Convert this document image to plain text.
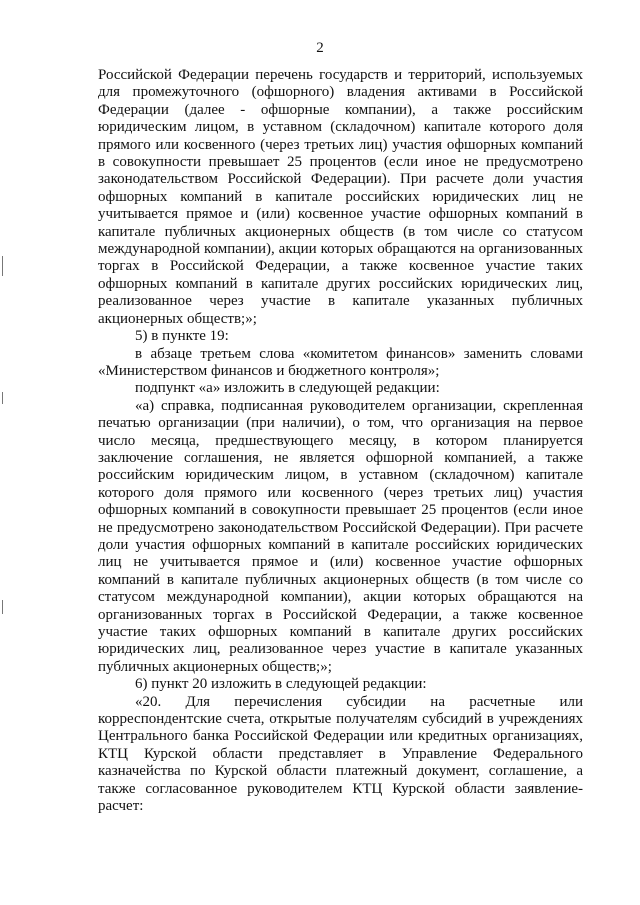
2

Российской Федерации перечень государств и территорий, используемых для промежуточного (офшорного) владения активами в Российской Федерации (далее - офшорные компании), а также российским юридическим лицом, в уставном (складочном) капитале которого доля прямого или косвенного (через третьих лиц) участия офшорных компаний в совокупности превышает 25 процентов (если иное не предусмотрено законодательством Российской Федерации). При расчете доли участия офшорных компаний в капитале российских юридических лиц не учитывается прямое и (или) косвенное участие офшорных компаний в капитале публичных акционерных обществ (в том числе со статусом международной компании), акции которых обращаются на организованных торгах в Российской Федерации, а также косвенное участие таких офшорных компаний в капитале других российских юридических лиц, реализованное через участие в капитале указанных публичных акционерных обществ;»;

5) в пункте 19:

в абзаце третьем слова «комитетом финансов» заменить словами «Министерством финансов и бюджетного контроля»;

подпункт «а» изложить в следующей редакции:

«а) справка, подписанная руководителем организации, скрепленная печатью организации (при наличии), о том, что организация на первое число месяца, предшествующего месяцу, в котором планируется заключение соглашения, не является офшорной компанией, а также российским юридическим лицом, в уставном (складочном) капитале которого доля прямого или косвенного (через третьих лиц) участия офшорных компаний в совокупности превышает 25 процентов (если иное не предусмотрено законодательством Российской Федерации). При расчете доли участия офшорных компаний в капитале российских юридических лиц не учитывается прямое и (или) косвенное участие офшорных компаний в капитале публичных акционерных обществ (в том числе со статусом международной компании), акции которых обращаются на организованных торгах в Российской Федерации, а также косвенное участие таких офшорных компаний в капитале других российских юридических лиц, реализованное через участие в капитале указанных публичных акционерных обществ;»;

6) пункт 20 изложить в следующей редакции:

«20. Для перечисления субсидии на расчетные или корреспондентские счета, открытые получателям субсидий в учреждениях Центрального банка Российской Федерации или кредитных организациях, КТЦ Курской области представляет в Управление Федерального казначейства по Курской области платежный документ, соглашение, а также согласованное руководителем КТЦ Курской области заявление-расчет:
